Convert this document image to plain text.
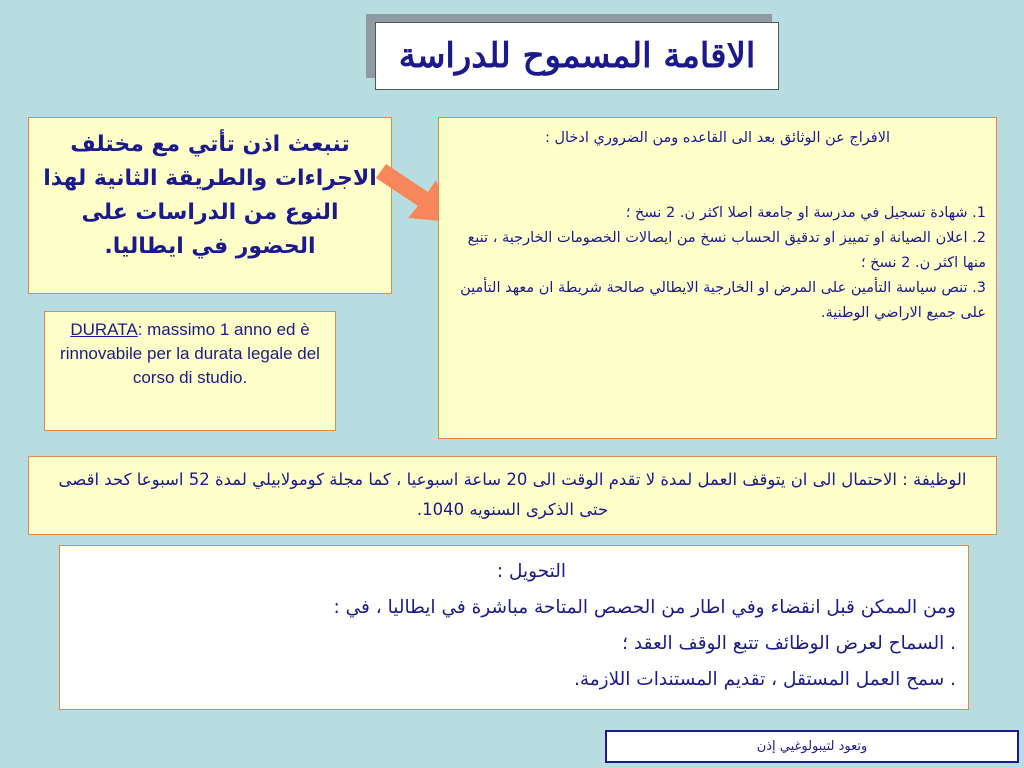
الاقامة المسموح للدراسة
تنبعث اذن تأتي مع مختلف الاجراءات والطريقة الثانية لهذا النوع من الدراسات على الحضور في ايطاليا.
DURATA: massimo 1 anno ed è rinnovabile per la durata legale del corso di studio.

الافراج عن الوثائق بعد الى القاعده ومن الضروري ادخال :

1. شهادة تسجيل في مدرسة او جامعة اصلا اكثر ن. 2 نسخ ؛

2. اعلان الصيانة او تمييز او تدقيق الحساب نسخ من ايصالات الخصومات الخارجية ، تنبع منها اكثر ن. 2 نسخ ؛

3. تنص سياسة التأمين على المرض او الخارجية الايطالي صالحة شريطة ان معهد التأمين على جميع الاراضي الوطنية.

الوظيفة : الاحتمال الى ان يتوقف العمل لمدة لا تقدم الوقت الى 20 ساعة اسبوعيا ، كما مجلة كومولابيلي لمدة 52 اسبوعا كحد اقصى حتى الذكرى السنويه 1040.

التحويل :

ومن الممكن قبل انقضاء وفي اطار من الحصص المتاحة مباشرة في ايطاليا ، في :

. السماح لعرض الوظائف تتبع الوقف العقد ؛

. سمح العمل المستقل ، تقديم المستندات اللازمة.

وتعود لتيبولوغيي إذن
